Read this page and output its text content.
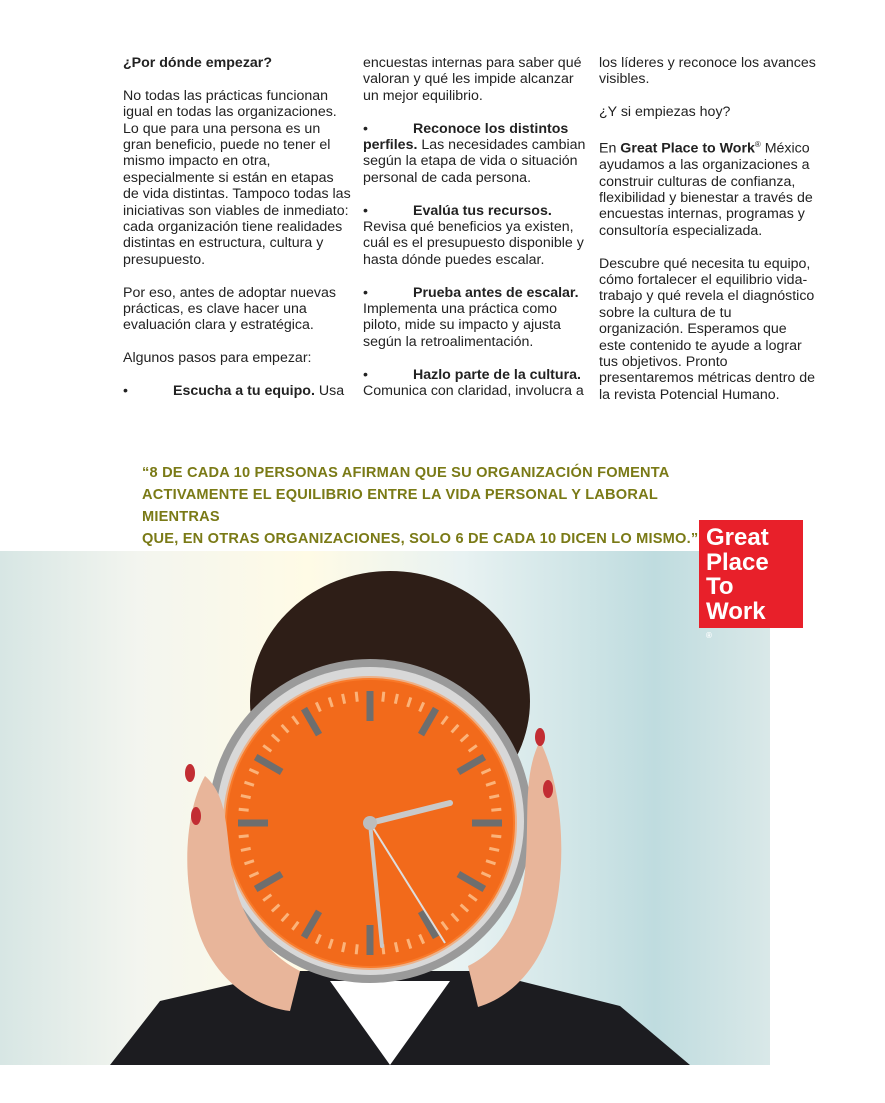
¿Por dónde empezar?

No todas las prácticas funcionan igual en todas las organizaciones. Lo que para una persona es un gran beneficio, puede no tener el mismo impacto en otra, especialmente si están en etapas de vida distintas. Tampoco todas las iniciativas son viables de inmediato: cada organización tiene realidades distintas en estructura, cultura y presupuesto.

Por eso, antes de adoptar nuevas prácticas, es clave hacer una evaluación clara y estratégica.

Algunos pasos para empezar:

•	Escucha a tu equipo. Usa

encuestas internas para saber qué valoran y qué les impide alcanzar un mejor equilibrio.

•	Reconoce los distintos

perfiles. Las necesidades cambian según la etapa de vida o situación personal de cada persona.

•	Evalúa tus recursos.

Revisa qué beneficios ya existen, cuál es el presupuesto disponible y hasta dónde puedes escalar.

•	Prueba antes de escalar.

Implementa una práctica como piloto, mide su impacto y ajusta según la retroalimentación.

•	Hazlo parte de la cultura.

Comunica con claridad, involucra a

los líderes y reconoce los avances visibles.

¿Y si empiezas hoy?

En Great Place to Work® México ayudamos a las organizaciones a construir culturas de confianza, flexibilidad y bienestar a través de encuestas internas, programas y consultoría especializada.

Descubre qué necesita tu equipo, cómo fortalecer el equilibrio vida-trabajo y qué revela el diagnóstico sobre la cultura de tu organización. Esperamos que este contenido te ayude a lograr tus objetivos. Pronto presentaremos métricas dentro de la revista Potencial Humano.

“8 DE CADA 10 PERSONAS AFIRMAN QUE SU ORGANIZACIÓN FOMENTA
ACTIVAMENTE EL EQUILIBRIO ENTRE LA VIDA PERSONAL Y LABORAL MIENTRAS
QUE, EN OTRAS ORGANIZACIONES, SOLO 6 DE CADA 10 DICEN LO MISMO.” Great
Place
To
Work
®
